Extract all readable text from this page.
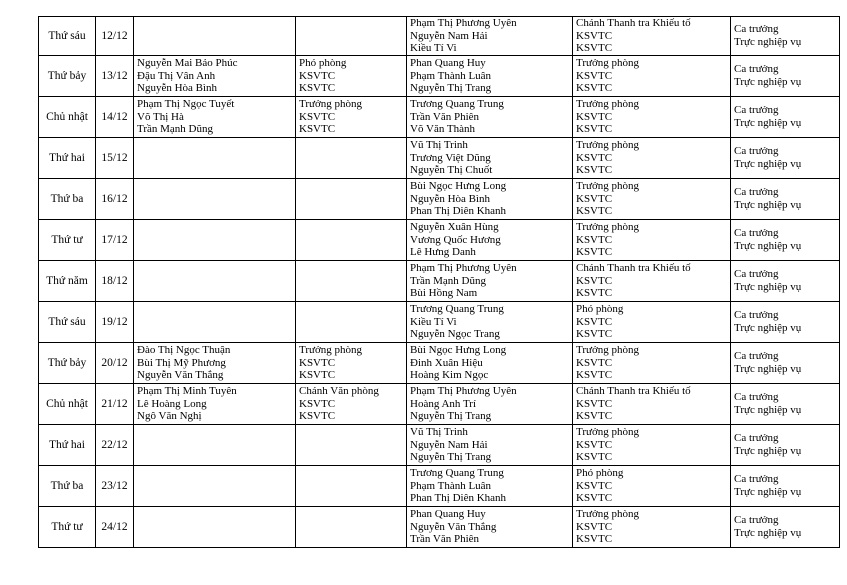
Thứ sáu	12/12			Phạm Thị Phương Uyên
Nguyễn Nam Hải
Kiều Tí Vi	Chánh Thanh tra Khiếu tố
KSVTC
KSVTC	Ca trưởng
Trực nghiệp vụ

Thứ bảy	13/12	Nguyễn Mai Bảo Phúc
Đậu Thị Vân Anh
Nguyễn Hòa Bình	Phó phòng
KSVTC
KSVTC	Phan Quang Huy
Phạm Thành Luân
Nguyễn Thị Trang	Trưởng phòng
KSVTC
KSVTC	Ca trưởng
Trực nghiệp vụ

Chủ nhật	14/12	Phạm Thị Ngọc Tuyết
Võ Thị Hà
Trần Mạnh Dũng	Trưởng phòng
KSVTC
KSVTC	Trương Quang Trung
Trần Văn Phiên
Võ Văn Thành	Trưởng phòng
KSVTC
KSVTC	Ca trưởng
Trực nghiệp vụ

Thứ hai	15/12			Vũ Thị Trinh
Trương Việt Dũng
Nguyễn Thị Chuốt	Trưởng phòng
KSVTC
KSVTC	Ca trưởng
Trực nghiệp vụ

Thứ ba	16/12			Bùi Ngọc Hưng Long
Nguyễn Hòa Bình
Phan Thị Diên Khanh	Trưởng phòng
KSVTC
KSVTC	Ca trưởng
Trực nghiệp vụ

Thứ tư	17/12			Nguyễn Xuân Hùng
Vương Quốc Hương
Lê Hưng Danh	Trưởng phòng
KSVTC
KSVTC	Ca trưởng
Trực nghiệp vụ

Thứ năm	18/12			Phạm Thị Phương Uyên
Trần Mạnh Dũng
Bùi Hồng Nam	Chánh Thanh tra Khiếu tố
KSVTC
KSVTC	Ca trưởng
Trực nghiệp vụ

Thứ sáu	19/12			Trương Quang Trung
Kiều Tí Vi
Nguyễn Ngọc Trang	Phó phòng
KSVTC
KSVTC	Ca trưởng
Trực nghiệp vụ

Thứ bảy	20/12	Đào Thị Ngọc Thuận
Bùi Thị Mỹ Phương
Nguyễn Văn Thắng	Trưởng phòng
KSVTC
KSVTC	Bùi Ngọc Hưng Long
Đinh Xuân Hiệu
Hoàng Kim Ngọc	Trưởng phòng
KSVTC
KSVTC	Ca trưởng
Trực nghiệp vụ

Chủ nhật	21/12	Phạm Thị Minh Tuyên
Lê Hoàng Long
Ngô Văn Nghị	Chánh Văn phòng
KSVTC
KSVTC	Phạm Thị Phương Uyên
Hoàng Anh Trí
Nguyễn Thị Trang	Chánh Thanh tra Khiếu tố
KSVTC
KSVTC	Ca trưởng
Trực nghiệp vụ

Thứ hai	22/12			Vũ Thị Trinh
Nguyễn Nam Hải
Nguyễn Thị Trang	Trưởng phòng
KSVTC
KSVTC	Ca trưởng
Trực nghiệp vụ

Thứ ba	23/12			Trương Quang Trung
Phạm Thành Luân
Phan Thị Diên Khanh	Phó phòng
KSVTC
KSVTC	Ca trưởng
Trực nghiệp vụ

Thứ tư	24/12			Phan Quang Huy
Nguyễn Văn Thắng
Trần Văn Phiên	Trưởng phòng
KSVTC
KSVTC	Ca trưởng
Trực nghiệp vụ
